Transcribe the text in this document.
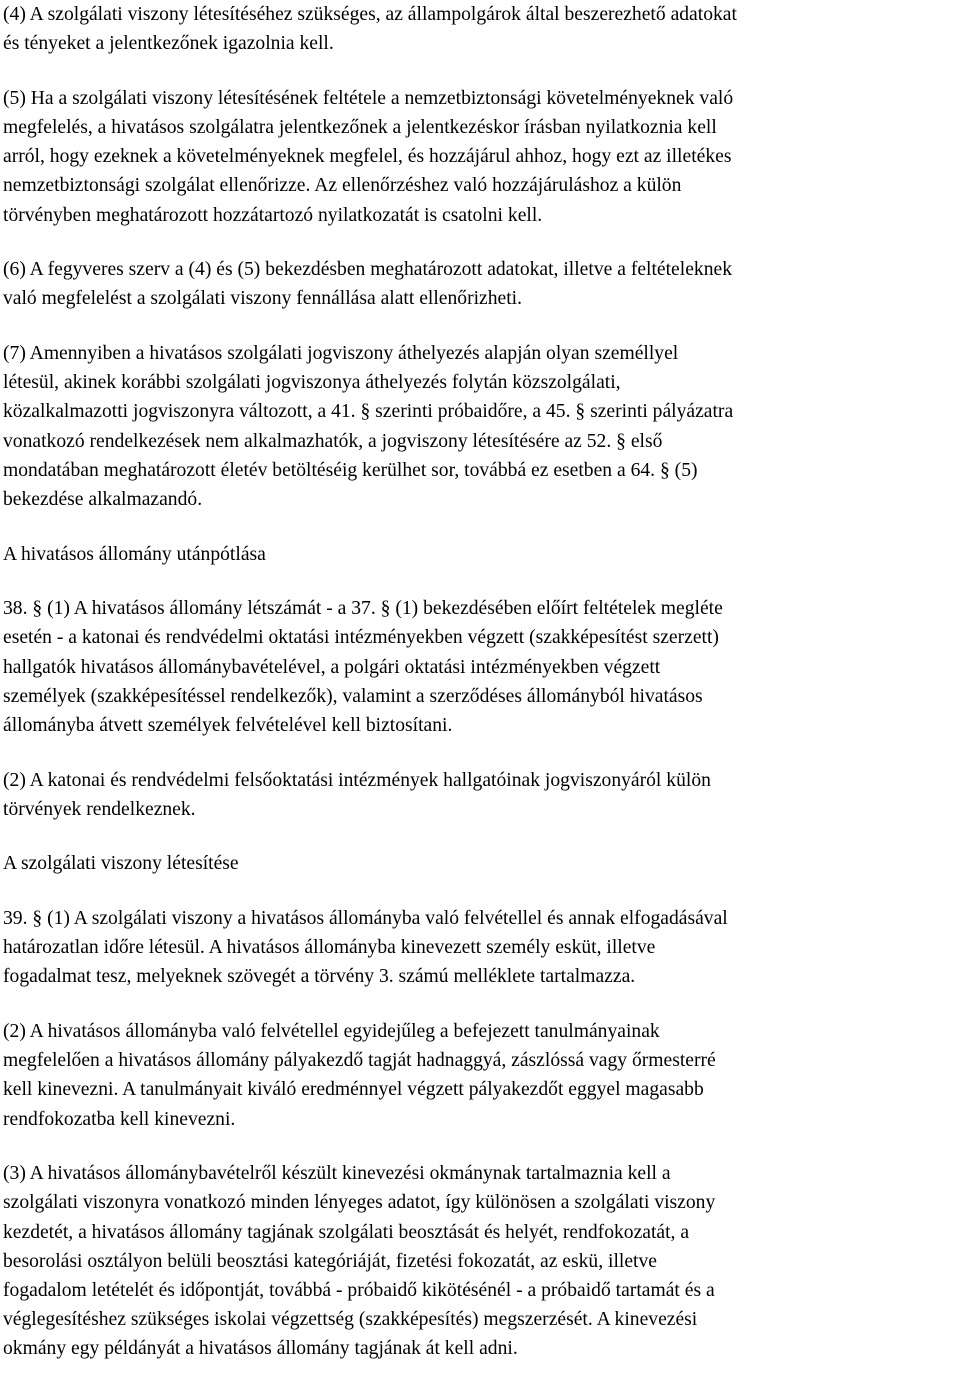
(4) A szolgálati viszony létesítéséhez szükséges, az állampolgárok által beszerezhető adatokat
és tényeket a jelentkezőnek igazolnia kell.

(5) Ha a szolgálati viszony létesítésének feltétele a nemzetbiztonsági követelményeknek való
megfelelés, a hivatásos szolgálatra jelentkezőnek a jelentkezéskor írásban nyilatkoznia kell
arról, hogy ezeknek a követelményeknek megfelel, és hozzájárul ahhoz, hogy ezt az illetékes
nemzetbiztonsági szolgálat ellenőrizze. Az ellenőrzéshez való hozzájáruláshoz a külön
törvényben meghatározott hozzátartozó nyilatkozatát is csatolni kell.

(6) A fegyveres szerv a (4) és (5) bekezdésben meghatározott adatokat, illetve a feltételeknek
való megfelelést a szolgálati viszony fennállása alatt ellenőrizheti.

(7) Amennyiben a hivatásos szolgálati jogviszony áthelyezés alapján olyan személlyel
létesül, akinek korábbi szolgálati jogviszonya áthelyezés folytán közszolgálati,
közalkalmazotti jogviszonyra változott, a 41. § szerinti próbaidőre, a 45. § szerinti pályázatra
vonatkozó rendelkezések nem alkalmazhatók, a jogviszony létesítésére az 52. § első
mondatában meghatározott életév betöltéséig kerülhet sor, továbbá ez esetben a 64. § (5)
bekezdése alkalmazandó.

A hivatásos állomány utánpótlása

38. § (1) A hivatásos állomány létszámát - a 37. § (1) bekezdésében előírt feltételek megléte
esetén - a katonai és rendvédelmi oktatási intézményekben végzett (szakképesítést szerzett)
hallgatók hivatásos állománybavételével, a polgári oktatási intézményekben végzett
személyek (szakképesítéssel rendelkezők), valamint a szerződéses állományból hivatásos
állományba átvett személyek felvételével kell biztosítani.

(2) A katonai és rendvédelmi felsőoktatási intézmények hallgatóinak jogviszonyáról külön
törvények rendelkeznek.

A szolgálati viszony létesítése

39. § (1) A szolgálati viszony a hivatásos állományba való felvétellel és annak elfogadásával
határozatlan időre létesül. A hivatásos állományba kinevezett személy esküt, illetve
fogadalmat tesz, melyeknek szövegét a törvény 3. számú melléklete tartalmazza.

(2) A hivatásos állományba való felvétellel egyidejűleg a befejezett tanulmányainak
megfelelően a hivatásos állomány pályakezdő tagját hadnaggyá, zászlóssá vagy őrmesterré
kell kinevezni. A tanulmányait kiváló eredménnyel végzett pályakezdőt eggyel magasabb
rendfokozatba kell kinevezni.

(3) A hivatásos állománybavételről készült kinevezési okmánynak tartalmaznia kell a
szolgálati viszonyra vonatkozó minden lényeges adatot, így különösen a szolgálati viszony
kezdetét, a hivatásos állomány tagjának szolgálati beosztását és helyét, rendfokozatát, a
besorolási osztályon belüli beosztási kategóriáját, fizetési fokozatát, az eskü, illetve
fogadalom letételét és időpontját, továbbá - próbaidő kikötésénél - a próbaidő tartamát és a
véglegesítéshez szükséges iskolai végzettség (szakképesítés) megszerzését. A kinevezési
okmány egy példányát a hivatásos állomány tagjának át kell adni.
